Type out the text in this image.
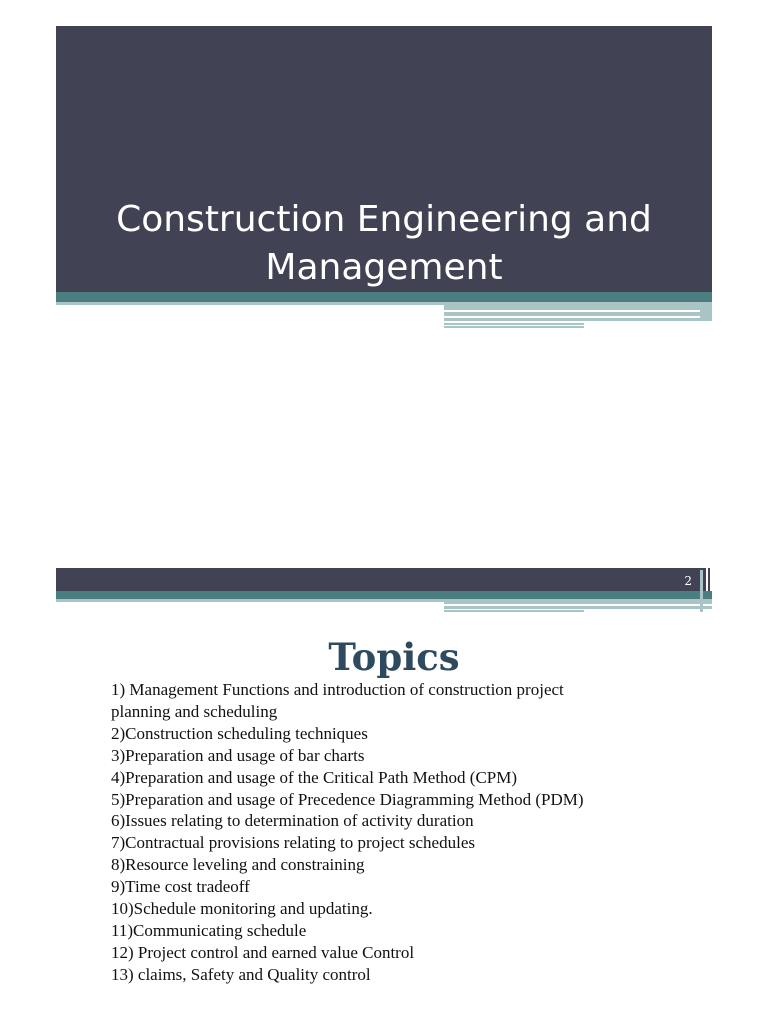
Construction Engineering and
Management
2
Topics
1) Management Functions and introduction of construction project
planning and scheduling
2)Construction scheduling techniques
3)Preparation and usage of bar charts
4)Preparation and usage of the Critical Path Method (CPM)
5)Preparation and usage of Precedence Diagramming Method (PDM)
6)Issues relating to determination of activity duration
7)Contractual provisions relating to project schedules
8)Resource leveling and constraining
9)Time cost tradeoff
10)Schedule monitoring and updating.
11)Communicating schedule
12) Project control and earned value Control
13) claims, Safety and Quality control
